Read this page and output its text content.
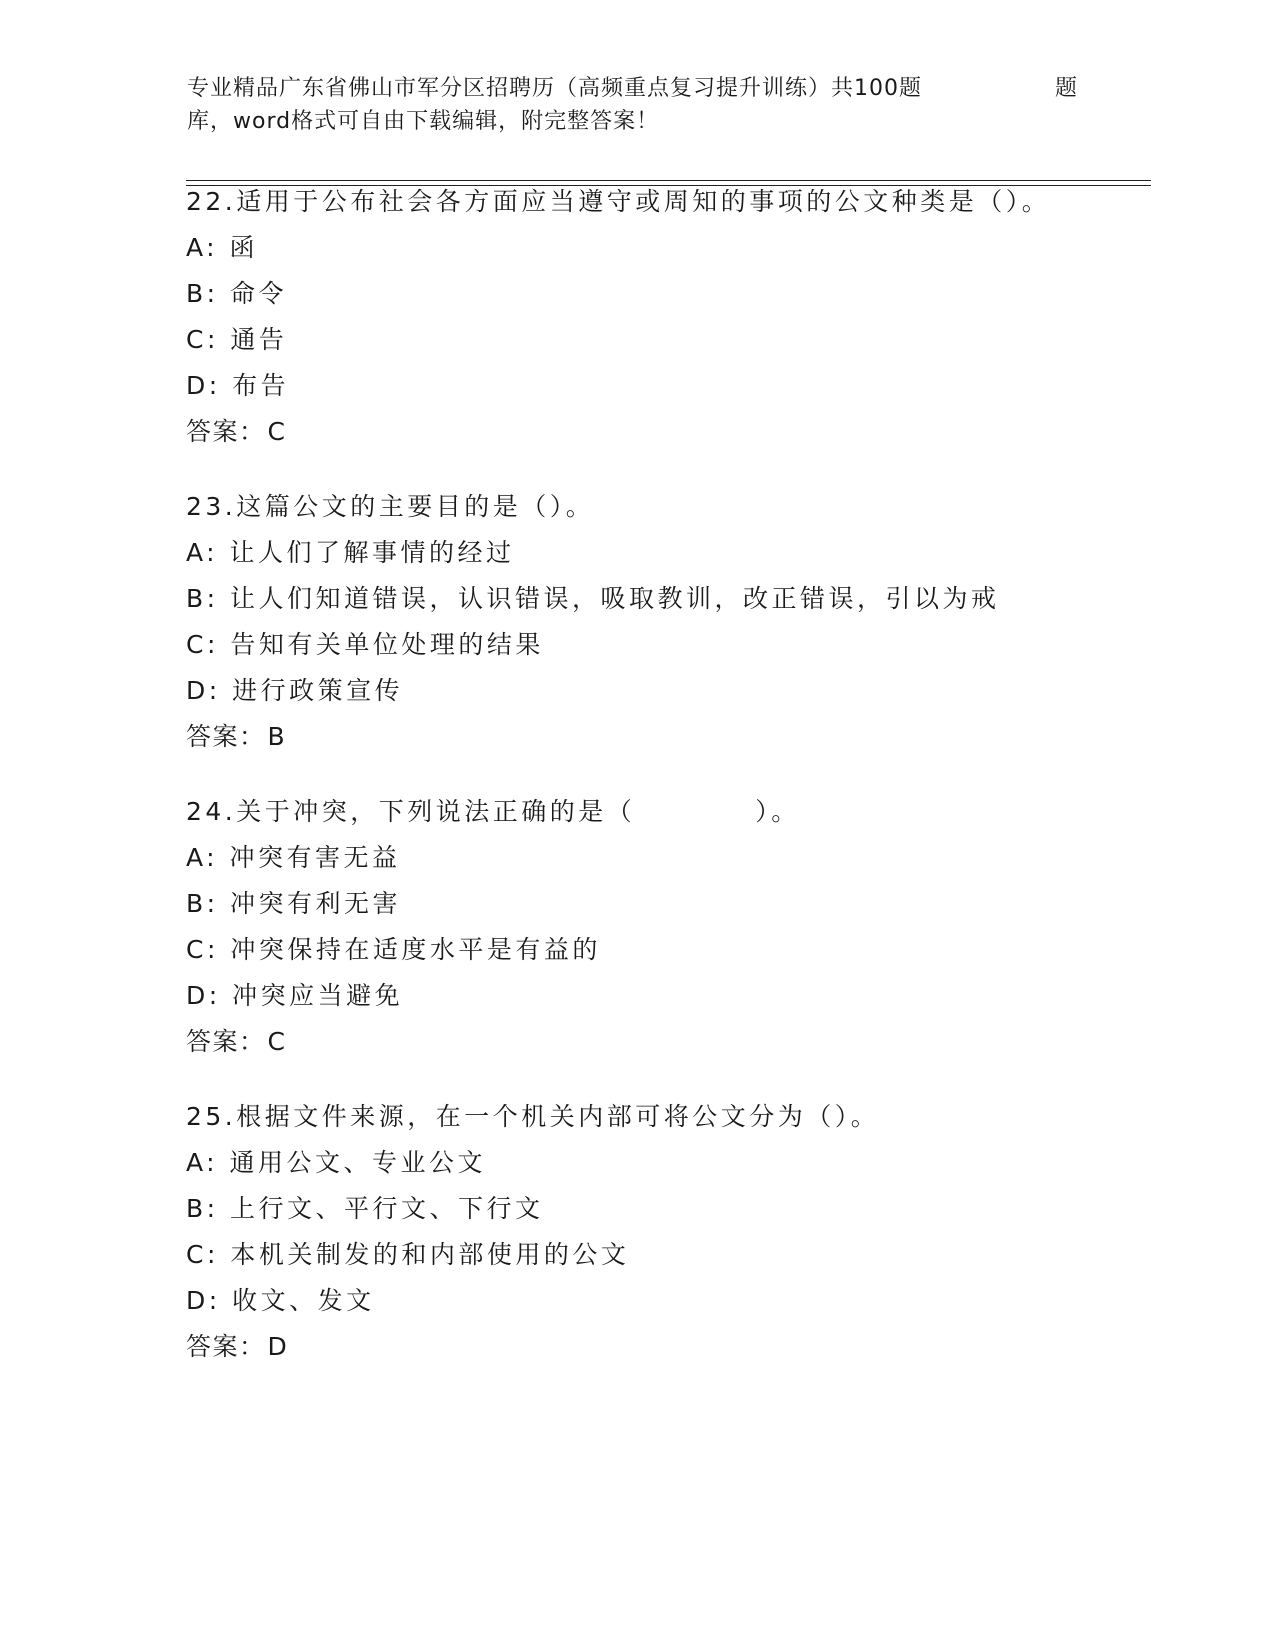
专业精品广东省佛山市军分区招聘历（高频重点复习提升训练）共100题	题
库，word格式可自由下载编辑，附完整答案！
22.适用于公布社会各方面应当遵守或周知的事项的公文种类是（）。
A: 函
B: 命令
C: 通告
D: 布告
答案：C
23.这篇公文的主要目的是（）。
A: 让人们了解事情的经过
B: 让人们知道错误，认识错误，吸取教训，改正错误，引以为戒
C: 告知有关单位处理的结果
D: 进行政策宣传
答案：B
24.关于冲突，下列说法正确的是（	）。
A: 冲突有害无益
B: 冲突有利无害
C: 冲突保持在适度水平是有益的
D: 冲突应当避免
答案：C
25.根据文件来源，在一个机关内部可将公文分为（）。
A: 通用公文、专业公文
B: 上行文、平行文、下行文
C: 本机关制发的和内部使用的公文
D: 收文、发文
答案：D
